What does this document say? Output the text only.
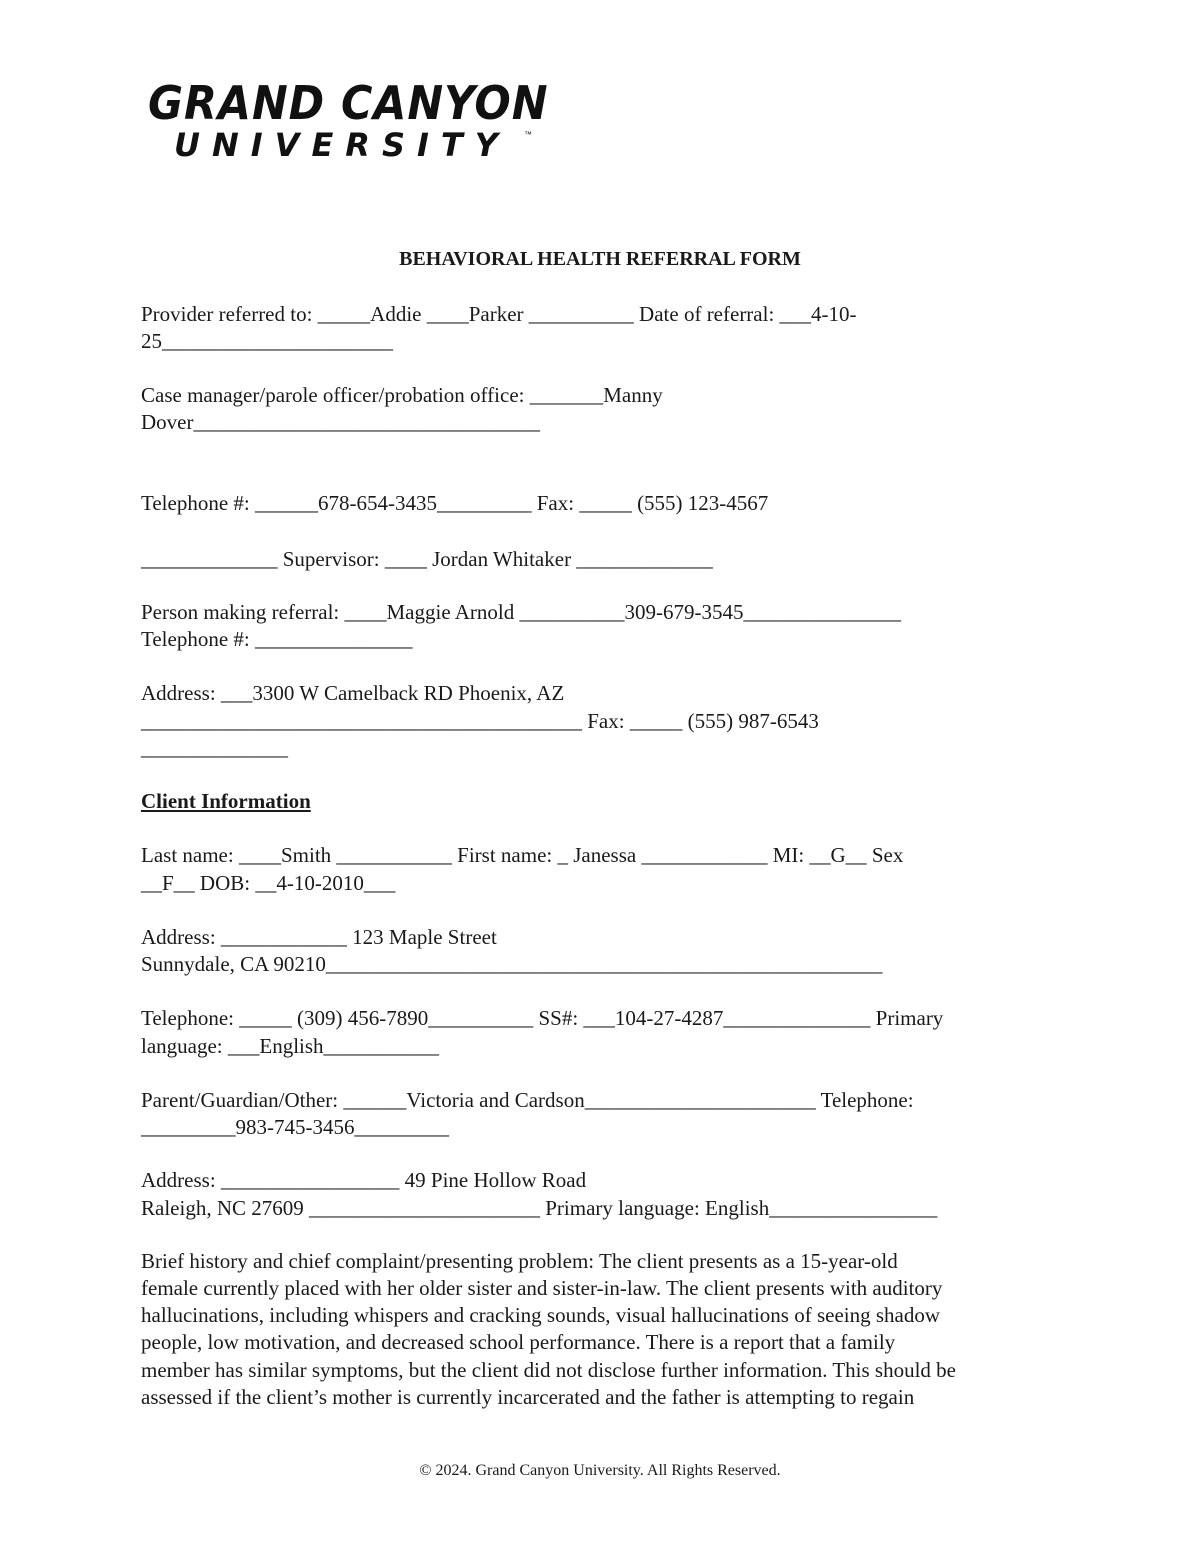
GRAND CANYON
UNIVERSITY ™
BEHAVIORAL HEALTH REFERRAL FORM
Provider referred to: _____Addie ____Parker __________ Date of referral: ___4-10-
25______________________
Case manager/parole officer/probation office: _______Manny
Dover_________________________________
Telephone #: ______678-654-3435_________ Fax: _____ (555) 123-4567
_____________ Supervisor: ____ Jordan Whitaker _____________
Person making referral: ____Maggie Arnold __________309-679-3545_______________
Telephone #: _______________
Address: ___3300 W Camelback RD Phoenix, AZ
__________________________________________ Fax: _____ (555) 987-6543
______________
Client Information
Last name: ____Smith ___________ First name: _ Janessa ____________ MI: __G__ Sex
__F__ DOB: __4-10-2010___
Address: ____________ 123 Maple Street
Sunnydale, CA 90210_____________________________________________________
Telephone: _____ (309) 456-7890__________ SS#: ___104-27-4287______________ Primary
language: ___English___________
Parent/Guardian/Other: ______Victoria and Cardson______________________ Telephone:
_________983-745-3456_________
Address: _________________ 49 Pine Hollow Road
Raleigh, NC 27609 ______________________ Primary language: English________________
Brief history and chief complaint/presenting problem: The client presents as a 15-year-old
female currently placed with her older sister and sister-in-law. The client presents with auditory
hallucinations, including whispers and cracking sounds, visual hallucinations of seeing shadow
people, low motivation, and decreased school performance. There is a report that a family
member has similar symptoms, but the client did not disclose further information. This should be
assessed if the client’s mother is currently incarcerated and the father is attempting to regain
© 2024. Grand Canyon University. All Rights Reserved.
